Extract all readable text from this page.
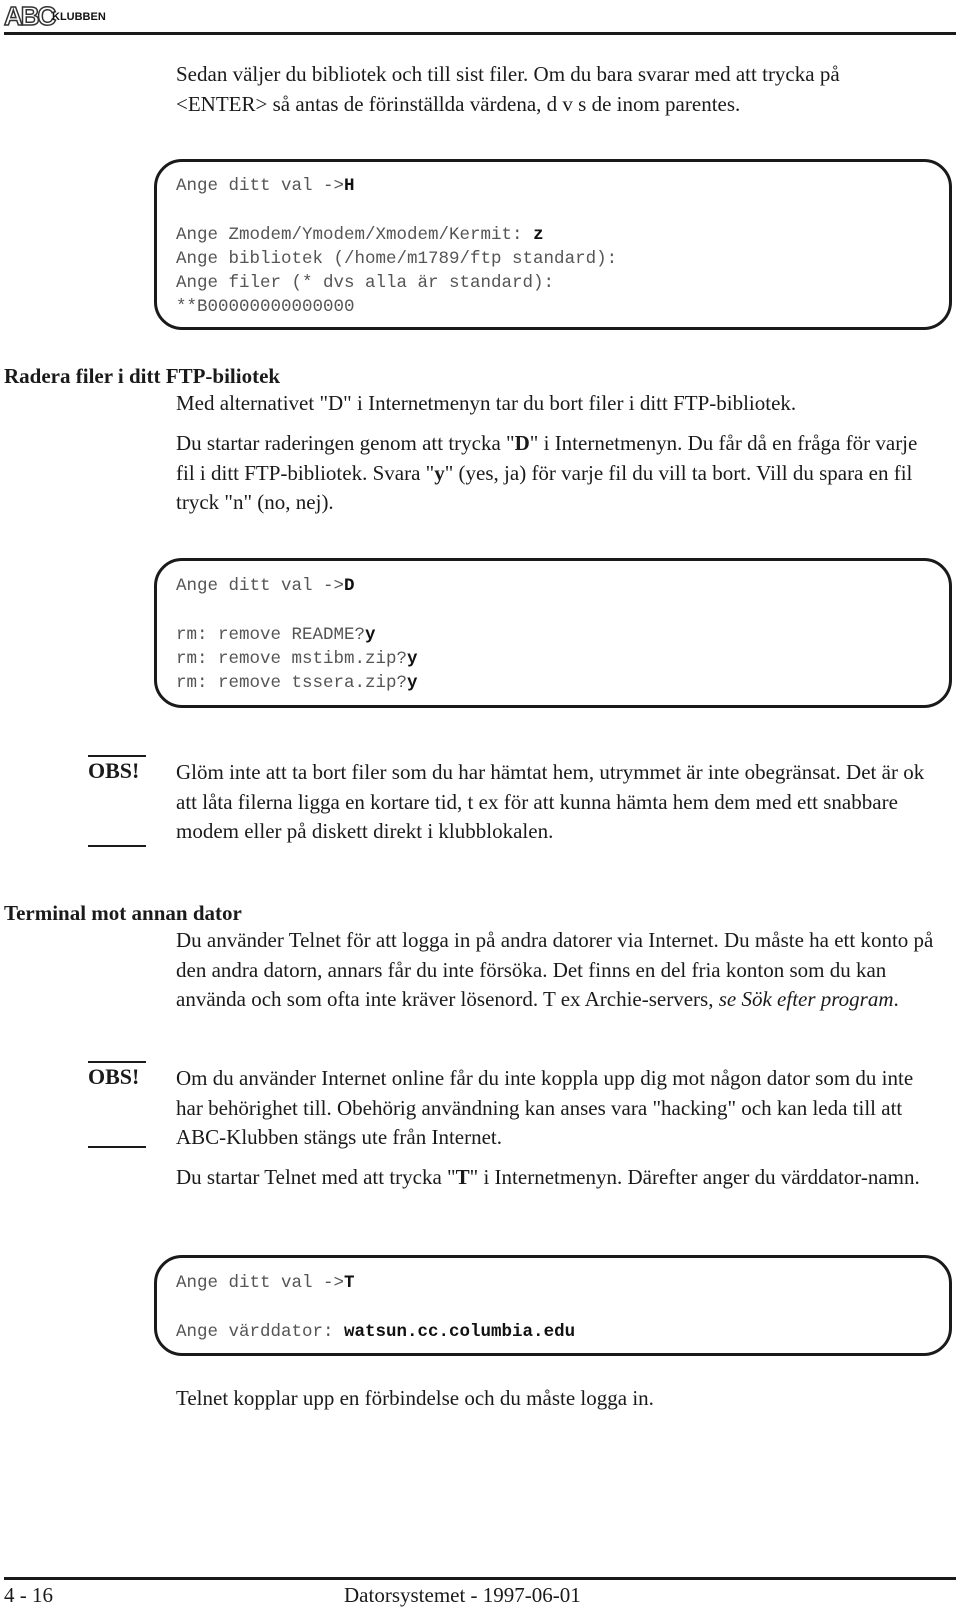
ABC
KLUBBEN
Sedan väljer du bibliotek och till sist filer. Om du bara svarar med att trycka på <ENTER> så antas de förinställda värdena, d v s de inom parentes.
Ange ditt val ->H
Ange Zmodem/Ymodem/Xmodem/Kermit: z
Ange bibliotek (/home/m1789/ftp standard):
Ange filer (* dvs alla är standard):
**B00000000000000
Radera filer i ditt FTP-biliotek
Med alternativet "D" i Internetmenyn tar du bort filer i ditt FTP-bibliotek.
Du startar raderingen genom att trycka "D" i Internetmenyn. Du får då en fråga för varje fil i ditt FTP-bibliotek. Svara "y" (yes, ja) för varje fil du vill ta bort. Vill du spara en fil tryck "n" (no, nej).
Ange ditt val ->D
rm: remove README?y
rm: remove mstibm.zip?y
rm: remove tssera.zip?y
OBS! Glöm inte att ta bort filer som du har hämtat hem, utrymmet är inte obegränsat. Det är ok att låta filerna ligga en kortare tid, t ex för att kunna hämta hem dem med ett snabbare modem eller på diskett direkt i klubblokalen.
Terminal mot annan dator
Du använder Telnet för att logga in på andra datorer via Internet. Du måste ha ett konto på den andra datorn, annars får du inte försöka. Det finns en del fria konton som du kan använda och som ofta inte kräver lösenord. T ex Archie-servers, se Sök efter program.
OBS! Om du använder Internet online får du inte koppla upp dig mot någon dator som du inte har behörighet till. Obehörig användning kan anses vara "hacking" och kan leda till att ABC-Klubben stängs ute från Internet.
Du startar Telnet med att trycka "T" i Internetmenyn. Därefter anger du värddator-namn.
Ange ditt val ->T
Ange värddator: watsun.cc.columbia.edu
Telnet kopplar upp en förbindelse och du måste logga in.
4 - 16	Datorsystemet - 1997-06-01
